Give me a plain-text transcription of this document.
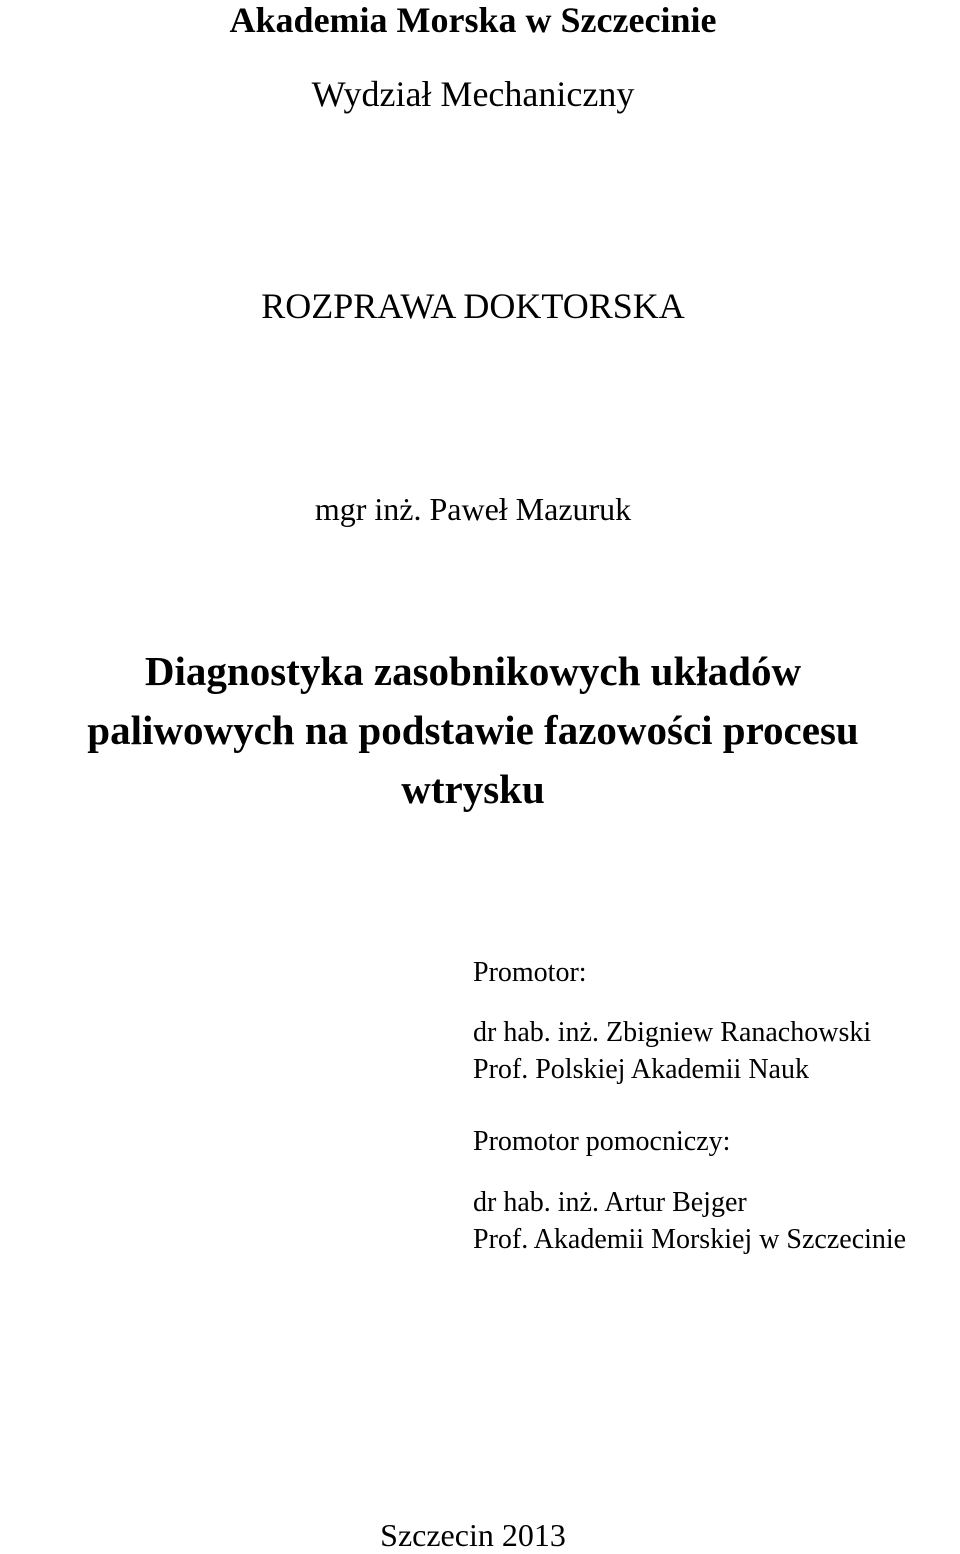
Akademia Morska w Szczecinie
Wydział Mechaniczny
ROZPRAWA DOKTORSKA
mgr inż. Paweł Mazuruk
Diagnostyka zasobnikowych układów
paliwowych na podstawie fazowości procesu
wtrysku
Promotor:
dr hab. inż. Zbigniew Ranachowski
Prof. Polskiej Akademii Nauk
Promotor pomocniczy:
dr hab. inż. Artur Bejger
Prof. Akademii Morskiej w Szczecinie
Szczecin 2013
